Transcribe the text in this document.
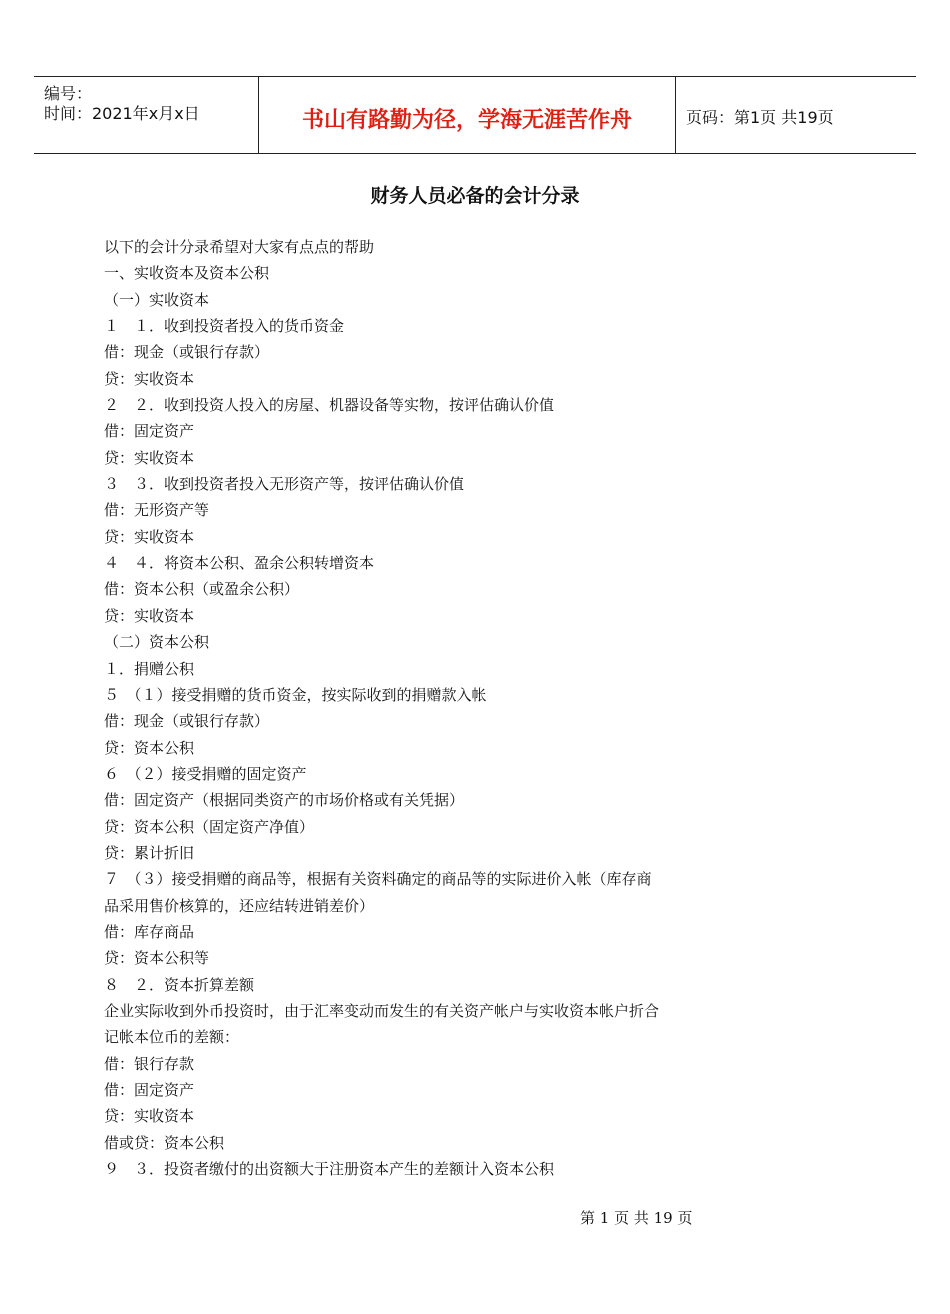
编号：
时间：2021年x月x日	书山有路勤为径，学海无涯苦作舟	页码：第1页 共19页
财务人员必备的会计分录
以下的会计分录希望对大家有点点的帮助
一、实收资本及资本公积
（一）实收资本
１　１．收到投资者投入的货币资金
借：现金（或银行存款）
贷：实收资本
２　２．收到投资人投入的房屋、机器设备等实物，按评估确认价值
借：固定资产
贷：实收资本
３　３．收到投资者投入无形资产等，按评估确认价值
借：无形资产等
贷：实收资本
４　４．将资本公积、盈余公积转增资本
借：资本公积（或盈余公积）
贷：实收资本
（二）资本公积
１．捐赠公积
５　（１）接受捐赠的货币资金，按实际收到的捐赠款入帐
借：现金（或银行存款）
贷：资本公积
６　（２）接受捐赠的固定资产
借：固定资产（根据同类资产的市场价格或有关凭据）
贷：资本公积（固定资产净值）
贷：累计折旧
７　（３）接受捐赠的商品等，根据有关资料确定的商品等的实际进价入帐（库存商
品采用售价核算的，还应结转进销差价）
借：库存商品
贷：资本公积等
８　２．资本折算差额
企业实际收到外币投资时，由于汇率变动而发生的有关资产帐户与实收资本帐户折合
记帐本位币的差额：
借：银行存款
借：固定资产
贷：实收资本
借或贷：资本公积
９　３．投资者缴付的出资额大于注册资本产生的差额计入资本公积
第 1 页 共 19 页
